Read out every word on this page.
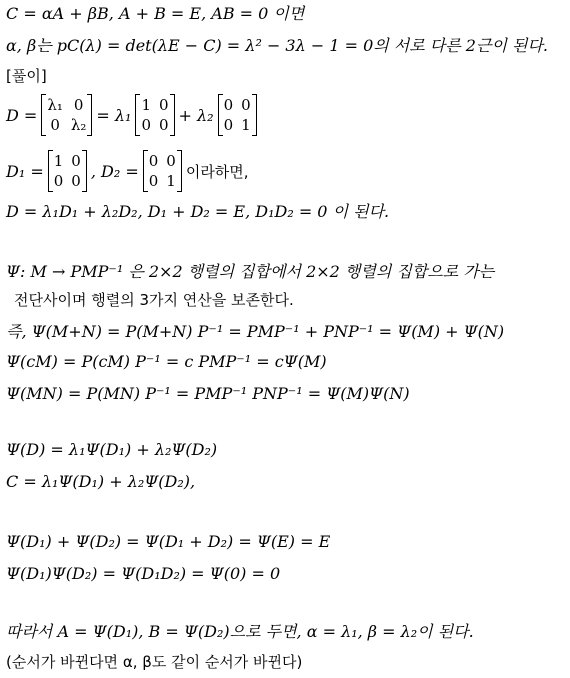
C = αA + βB, A + B = E, AB = 0 이면
α, β는 pC(λ) = det(λE − C) = λ² − 3λ − 1 = 0의 서로 다른 2근이 된다.
[풀이]
D =
λ₁ 0
0 λ₂
= λ₁
1 0
0 0
+ λ₂
0 0
0 1
D₁ =
1 0
0 0
, D₂ =
0 0
0 1
이라하면,
D = λ₁D₁ + λ₂D₂, D₁ + D₂ = E, D₁D₂ = 0 이 된다.
Ψ: M → PMP⁻¹ 은 2×2 행렬의 집합에서 2×2 행렬의 집합으로 가는
전단사이며 행렬의 3가지 연산을 보존한다.
즉, Ψ(M+N) = P(M+N) P⁻¹ = PMP⁻¹ + PNP⁻¹ = Ψ(M) + Ψ(N)
Ψ(cM) = P(cM) P⁻¹ = c PMP⁻¹ = cΨ(M)
Ψ(MN) = P(MN) P⁻¹ = PMP⁻¹ PNP⁻¹ = Ψ(M)Ψ(N)
Ψ(D) = λ₁Ψ(D₁) + λ₂Ψ(D₂)
C = λ₁Ψ(D₁) + λ₂Ψ(D₂),
Ψ(D₁) + Ψ(D₂) = Ψ(D₁ + D₂) = Ψ(E) = E
Ψ(D₁)Ψ(D₂) = Ψ(D₁D₂) = Ψ(0) = 0
따라서 A = Ψ(D₁), B = Ψ(D₂)으로 두면, α = λ₁, β = λ₂이 된다.
(순서가 바뀐다면 α, β도 같이 순서가 바뀐다)
